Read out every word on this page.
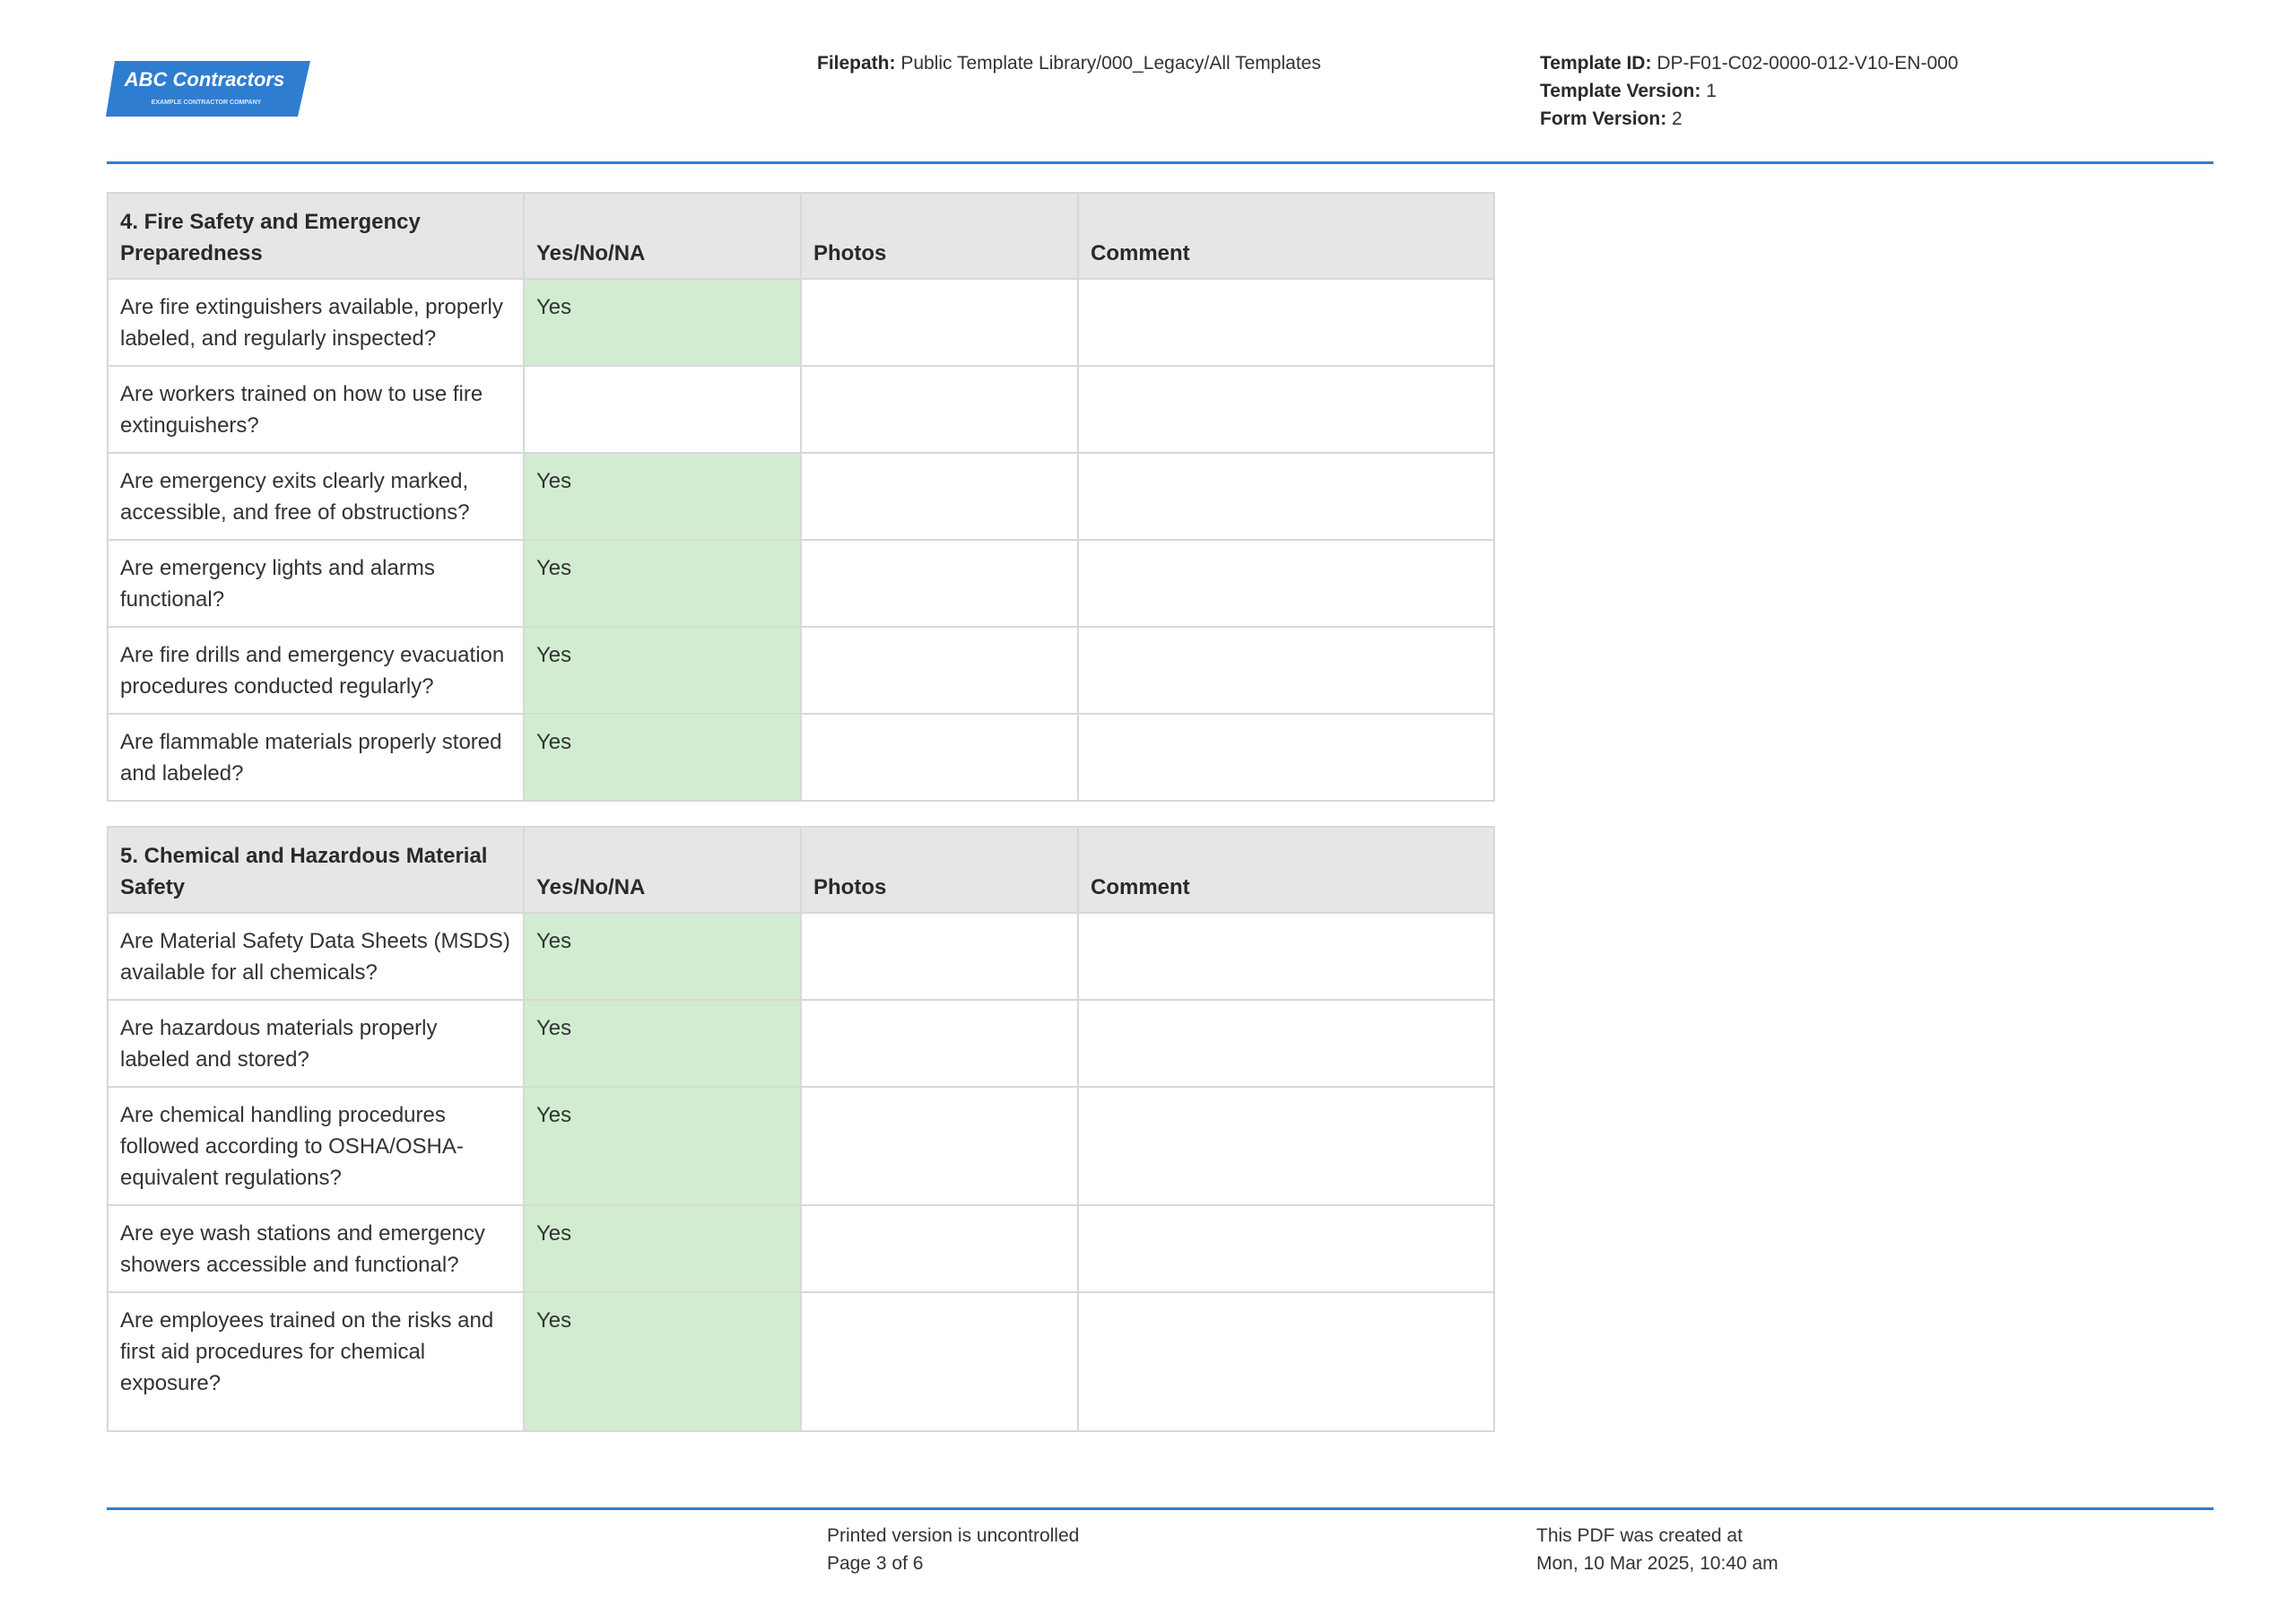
ABC Contractors
EXAMPLE CONTRACTOR COMPANY
Filepath: Public Template Library/000_Legacy/All Templates	Template ID: DP-F01-C02-0000-012-V10-EN-000
Template Version: 1
Form Version: 2
4. Fire Safety and Emergency Preparedness	Yes/No/NA	Photos	Comment
Are fire extinguishers available, properly labeled, and regularly inspected?	Yes		
Are workers trained on how to use fire extinguishers?			
Are emergency exits clearly marked, accessible, and free of obstructions?	Yes		
Are emergency lights and alarms functional?	Yes		
Are fire drills and emergency evacuation procedures conducted regularly?	Yes		
Are flammable materials properly stored and labeled?	Yes		
5. Chemical and Hazardous Material Safety	Yes/No/NA	Photos	Comment
Are Material Safety Data Sheets (MSDS) available for all chemicals?	Yes		
Are hazardous materials properly labeled and stored?	Yes		
Are chemical handling procedures followed according to OSHA/OSHA-equivalent regulations?	Yes		
Are eye wash stations and emergency showers accessible and functional?	Yes		
Are employees trained on the risks and first aid procedures for chemical exposure?	Yes		
Printed version is uncontrolled
Page 3 of 6
This PDF was created at
Mon, 10 Mar 2025, 10:40 am
